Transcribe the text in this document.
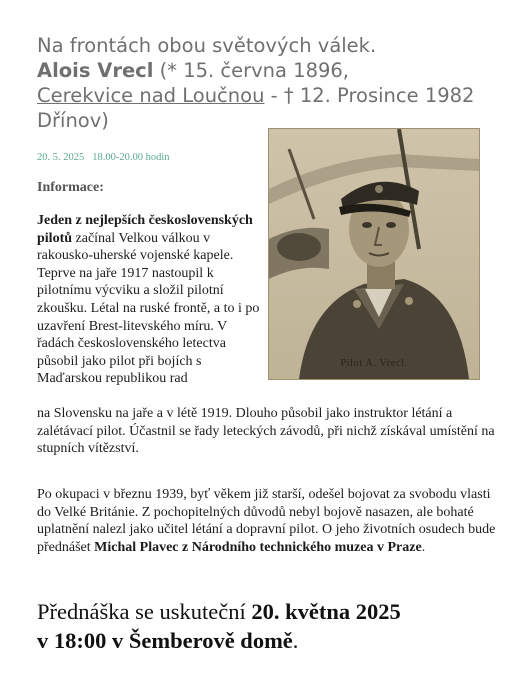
Na frontách obou světových válek.
Alois Vrecl (* 15. června 1896,
Cerekvice nad Loučnou - † 12. Prosince 1982 Dřínov)
20. 5. 2025 18.00-20.00 hodin
Informace:
Pilot A. Vrecl.
Jeden z nejlepších československých pilotů začínal Velkou válkou v rakousko-uherské vojenské kapele. Teprve na jaře 1917 nastoupil k pilotnímu výcviku a složil pilotní zkoušku. Létal na ruské frontě, a to i po uzavření Brest-litevského míru. V řadách československého letectva působil jako pilot při bojích s Maďarskou republikou rad
na Slovensku na jaře a v létě 1919. Dlouho působil jako instruktor létání a zalétávací pilot. Účastnil se řady leteckých závodů, při nichž získával umístění na stupních vítězství.
Po okupaci v březnu 1939, byť věkem již starší, odešel bojovat za svobodu vlasti do Velké Británie. Z pochopitelných důvodů nebyl bojově nasazen, ale bohaté uplatnění nalezl jako učitel létání a dopravní pilot. O jeho životních osudech bude přednášet Michal Plavec z Národního technického muzea v Praze.
Přednáška se uskuteční 20. května 2025
v 18:00 v Šemberově domě.
